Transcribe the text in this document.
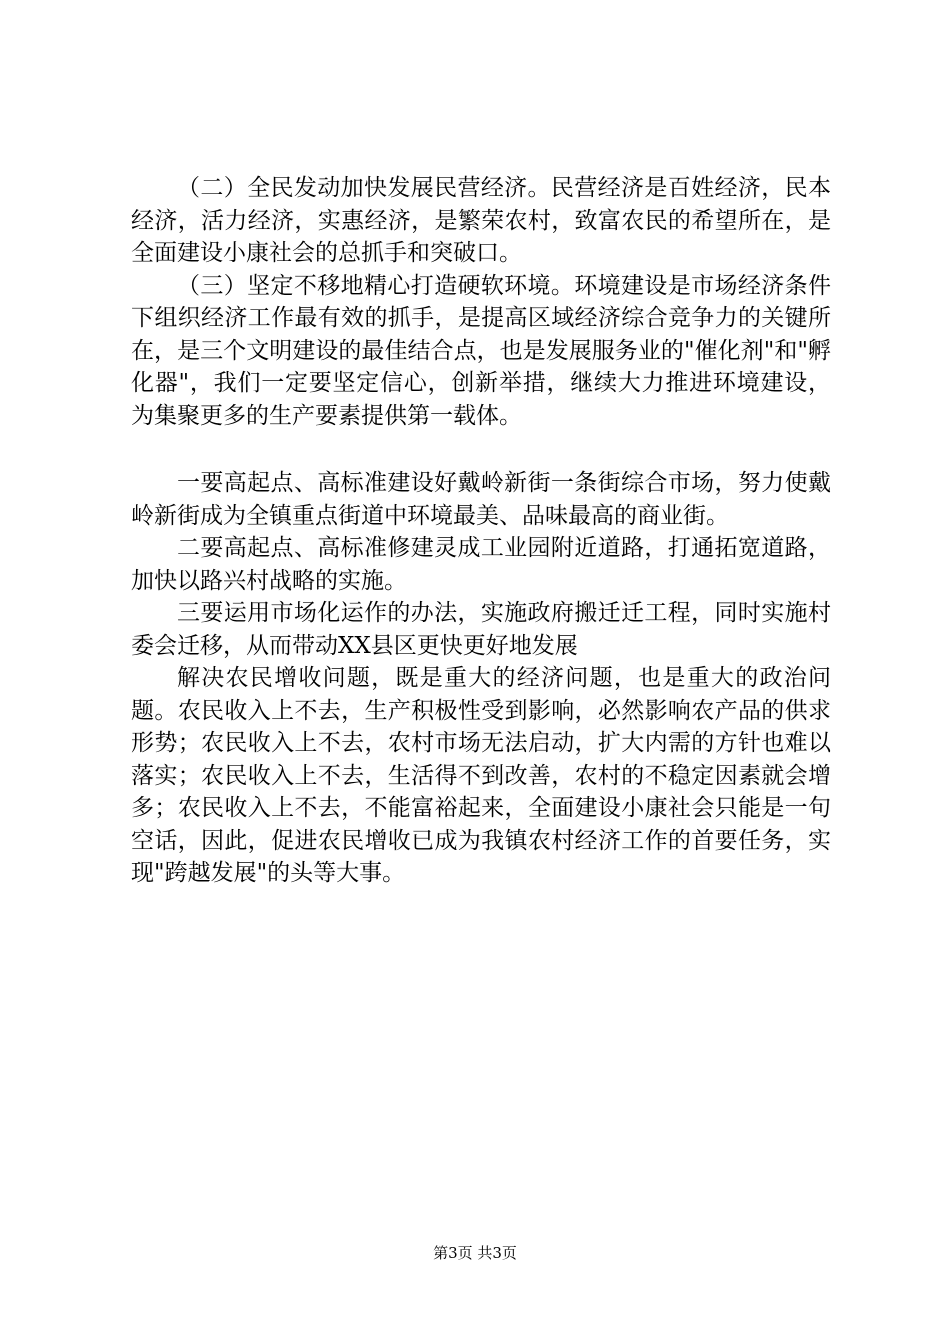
（二）全民发动加快发展民营经济。民营经济是百姓经济，民本经济，活力经济，实惠经济，是繁荣农村，致富农民的希望所在，是全面建设小康社会的总抓手和突破口。

（三）坚定不移地精心打造硬软环境。环境建设是市场经济条件下组织经济工作最有效的抓手，是提高区域经济综合竞争力的关键所在，是三个文明建设的最佳结合点，也是发展服务业的"催化剂"和"孵化器"，我们一定要坚定信心，创新举措，继续大力推进环境建设，为集聚更多的生产要素提供第一载体。

一要高起点、高标准建设好戴岭新街一条街综合市场，努力使戴岭新街成为全镇重点街道中环境最美、品味最高的商业街。

二要高起点、高标准修建灵成工业园附近道路，打通拓宽道路，加快以路兴村战略的实施。

三要运用市场化运作的办法，实施政府搬迁迁工程，同时实施村委会迁移，从而带动XX县区更快更好地发展

解决农民增收问题，既是重大的经济问题，也是重大的政治问题。农民收入上不去，生产积极性受到影响，必然影响农产品的供求形势；农民收入上不去，农村市场无法启动，扩大内需的方针也难以落实；农民收入上不去，生活得不到改善，农村的不稳定因素就会增多；农民收入上不去，不能富裕起来，全面建设小康社会只能是一句空话，因此，促进农民增收已成为我镇农村经济工作的首要任务，实现"跨越发展"的头等大事。

第3页 共3页
